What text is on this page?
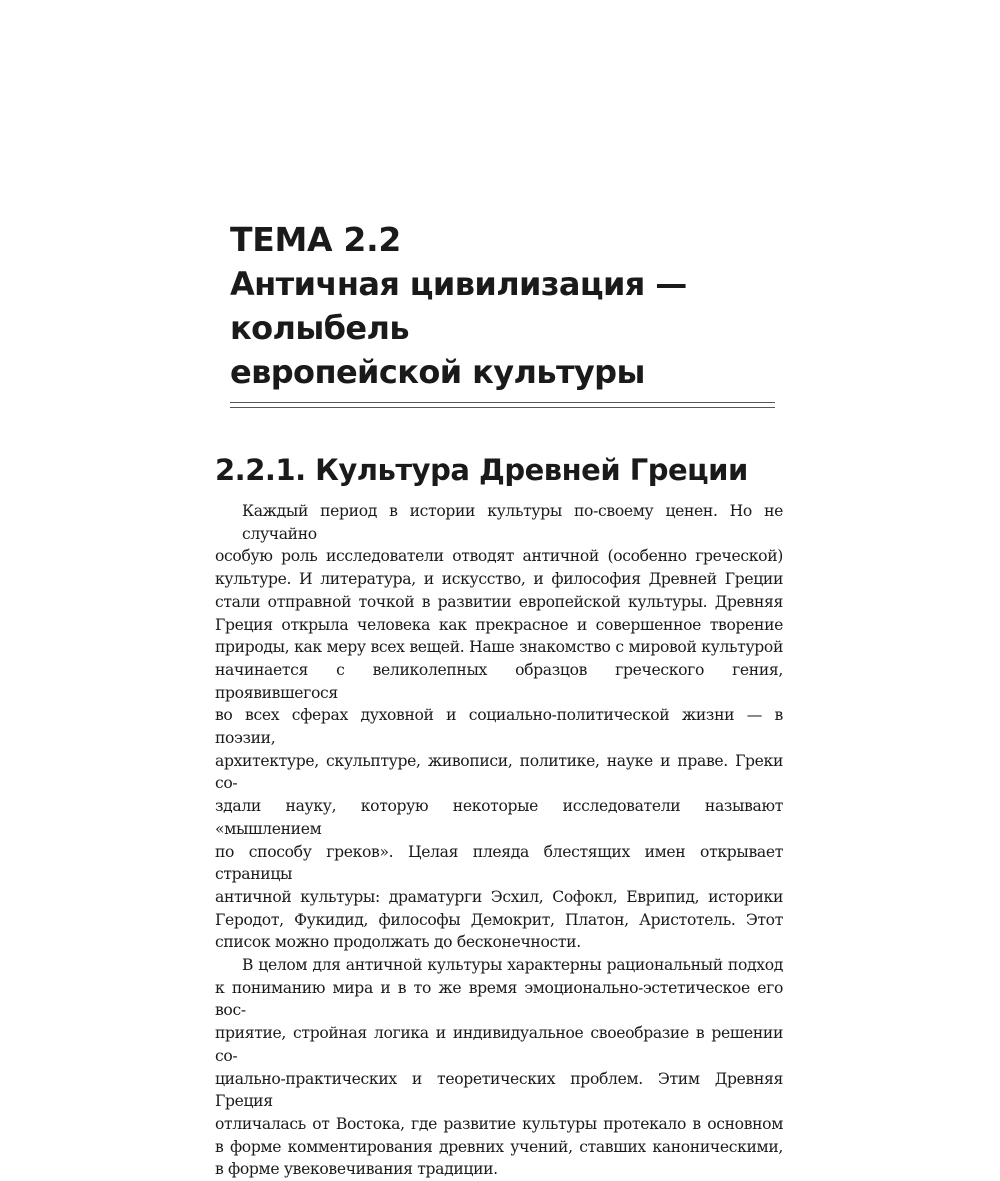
ТЕМА 2.2

Античная цивилизация — колыбель

европейской культуры

2.2.1. Культура Древней Греции
Каждый период в истории культуры по-своему ценен. Но не случайно
особую роль исследователи отводят античной (особенно греческой)
культуре. И литература, и искусство, и философия Древней Греции
стали отправной точкой в развитии европейской культуры. Древняя
Греция открыла человека как прекрасное и совершенное творение
природы, как меру всех вещей. Наше знакомство с мировой культурой
начинается с великолепных образцов греческого гения, проявившегося
во всех сферах духовной и социально-политической жизни — в поэзии,
архитектуре, скульптуре, живописи, политике, науке и праве. Греки со-
здали науку, которую некоторые исследователи называют «мышлением
по способу греков». Целая плеяда блестящих имен открывает страницы
античной культуры: драматурги Эсхил, Софокл, Еврипид, историки
Геродот, Фукидид, философы Демокрит, Платон, Аристотель. Этот
список можно продолжать до бесконечности.
В целом для античной культуры характерны рациональный подход
к пониманию мира и в то же время эмоционально-эстетическое его вос-
приятие, стройная логика и индивидуальное своеобразие в решении со-
циально-практических и теоретических проблем. Этим Древняя Греция
отличалась от Востока, где развитие культуры протекало в основном
в форме комментирования древних учений, ставших каноническими,
в форме увековечивания традиции.
